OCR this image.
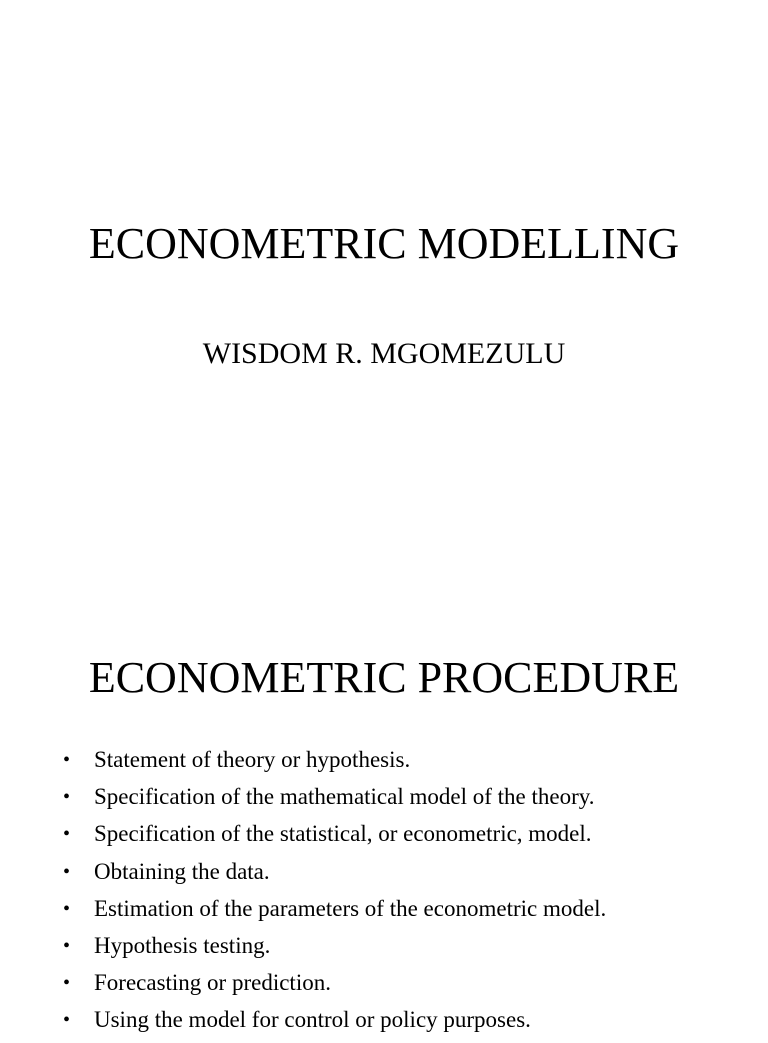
ECONOMETRIC MODELLING

WISDOM R. MGOMEZULU

ECONOMETRIC PROCEDURE
• Statement of theory or hypothesis.
• Specification of the mathematical model of the theory.
• Specification of the statistical, or econometric, model.
• Obtaining the data.
• Estimation of the parameters of the econometric model.
• Hypothesis testing.
• Forecasting or prediction.
• Using the model for control or policy purposes.
